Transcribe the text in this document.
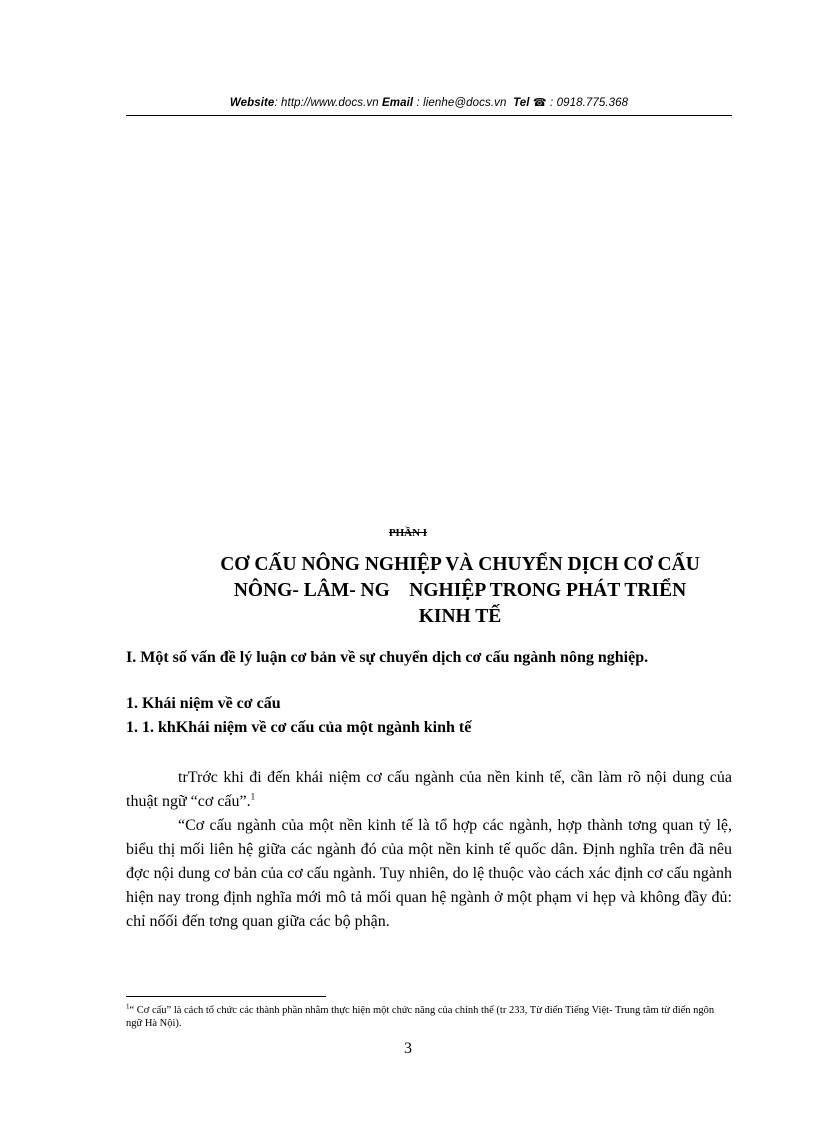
Website: http://www.docs.vn Email : lienhe@docs.vn Tel ☎ : 0918.775.368
PHẦN I
CƠ CẤU NÔNG NGHIỆP VÀ CHUYỂN DỊCH CƠ CẤU
NÔNG- LÂM- NG    NGHIỆP TRONG PHÁT TRIỂN
KINH TẾ
I. Một số vấn đề lý luận cơ bản về sự chuyển dịch cơ cấu ngành nông nghiệp.
1. Khái niệm về cơ cấu
1. 1. khKhái niệm về cơ cấu của một ngành kinh tế
trTrớc khi đi đến khái niệm cơ cấu ngành của nền kinh tế, cần làm rõ nội dung của thuật ngữ “cơ cấu”.$^1$
“Cơ cấu ngành của một nền kinh tế là tổ hợp các ngành, hợp thành tơng quan tỷ lệ, biểu thị mối liên hệ giữa các ngành đó của một nền kinh tế quốc dân. Định nghĩa trên đã nêu đợc nội dung cơ bản của cơ cấu ngành. Tuy nhiên, do lệ thuộc vào cách xác định cơ cấu ngành hiện nay trong định nghĩa mới mô tả mối quan hệ ngành ở một phạm vi hẹp và không đầy đủ: chỉ nốối đến tơng quan giữa các bộ phận.
$^1$“ Cơ cấu” là cách tổ chức các thành phần nhằm thực hiện một chức năng của chỉnh thể (tr 233, Từ điển Tiếng Việt- Trung tâm từ điển ngôn ngữ Hà Nội).
3
